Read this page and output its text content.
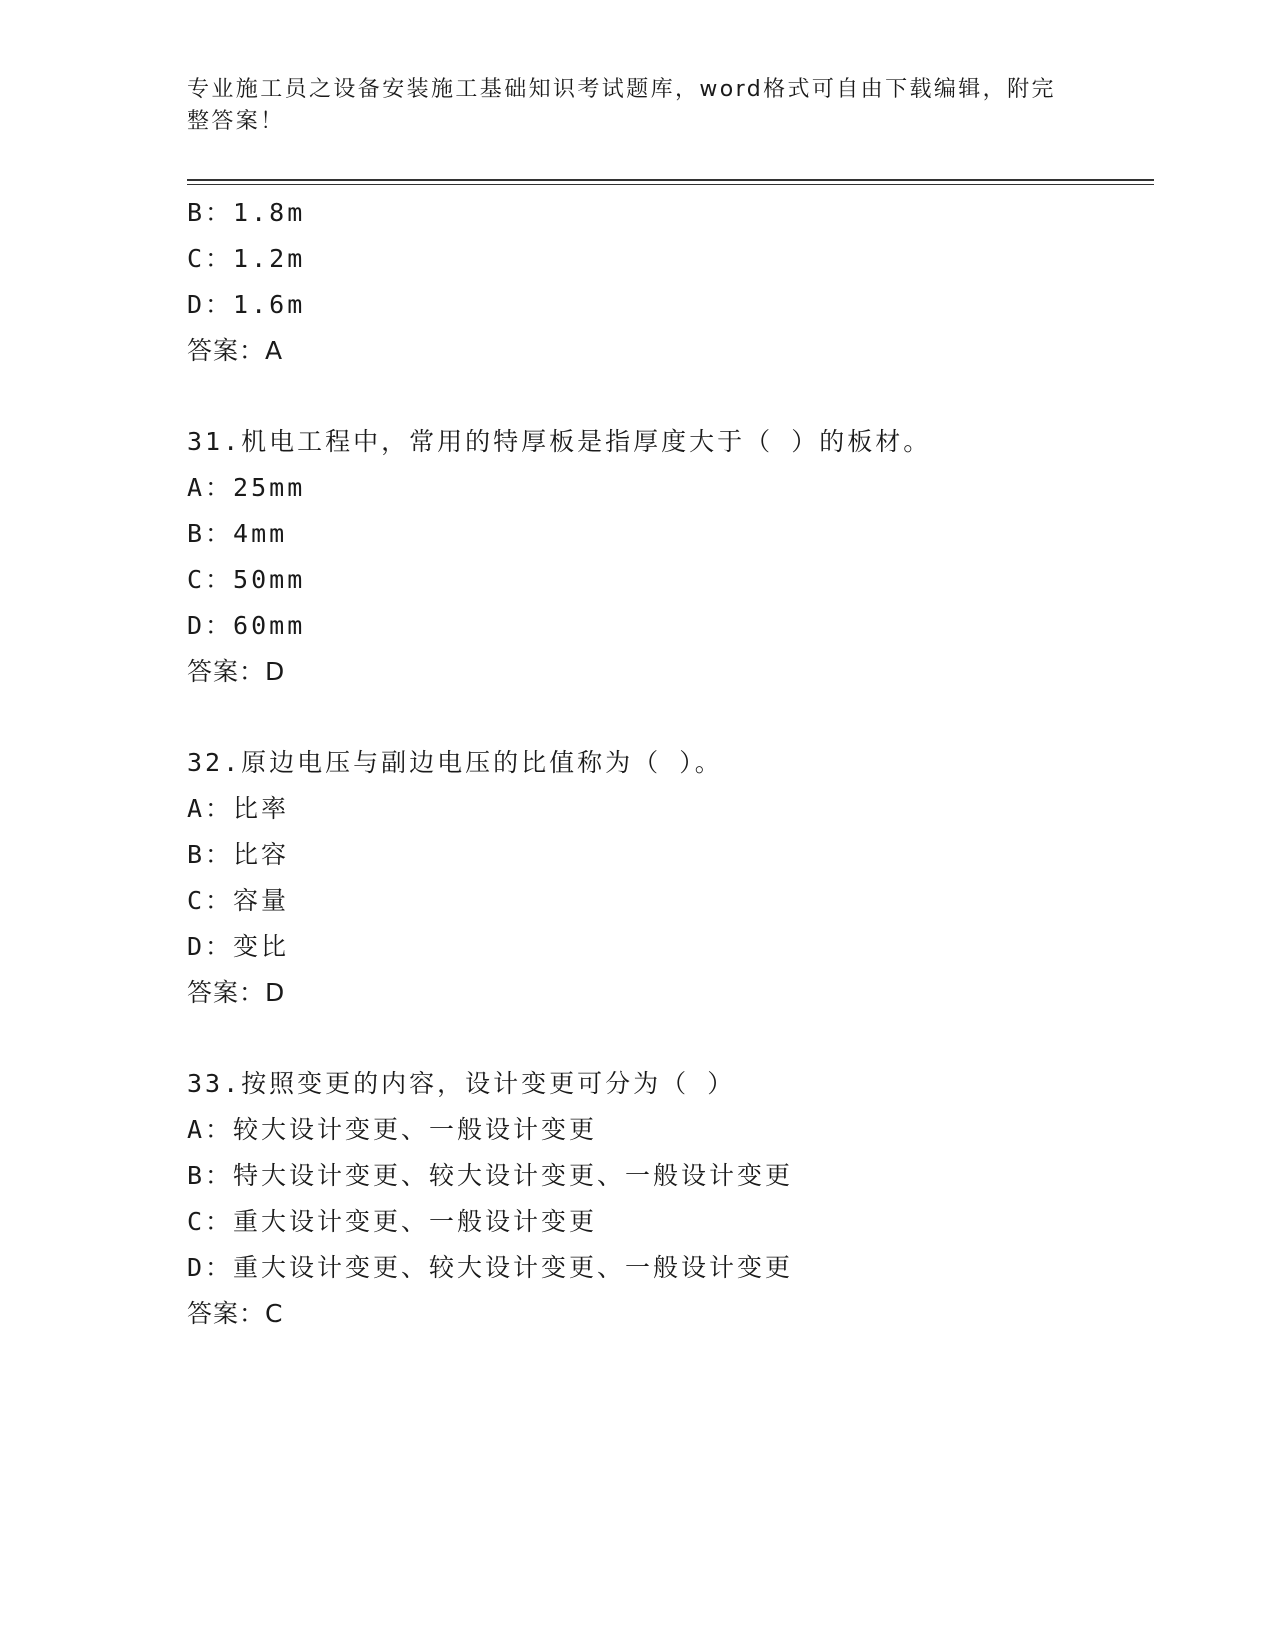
专业施工员之设备安装施工基础知识考试题库，word格式可自由下载编辑，附完
整答案！
B：1.8m
C：1.2m
D：1.6m
答案：A
31.机电工程中，常用的特厚板是指厚度大于（ ）的板材。
A：25mm
B：4mm
C：50mm
D：60mm
答案：D
32.原边电压与副边电压的比值称为（ ）。
A：比率
B：比容
C：容量
D：变比
答案：D
33.按照变更的内容，设计变更可分为（ ）
A：较大设计变更、一般设计变更
B：特大设计变更、较大设计变更、一般设计变更
C：重大设计变更、一般设计变更
D：重大设计变更、较大设计变更、一般设计变更
答案：C
